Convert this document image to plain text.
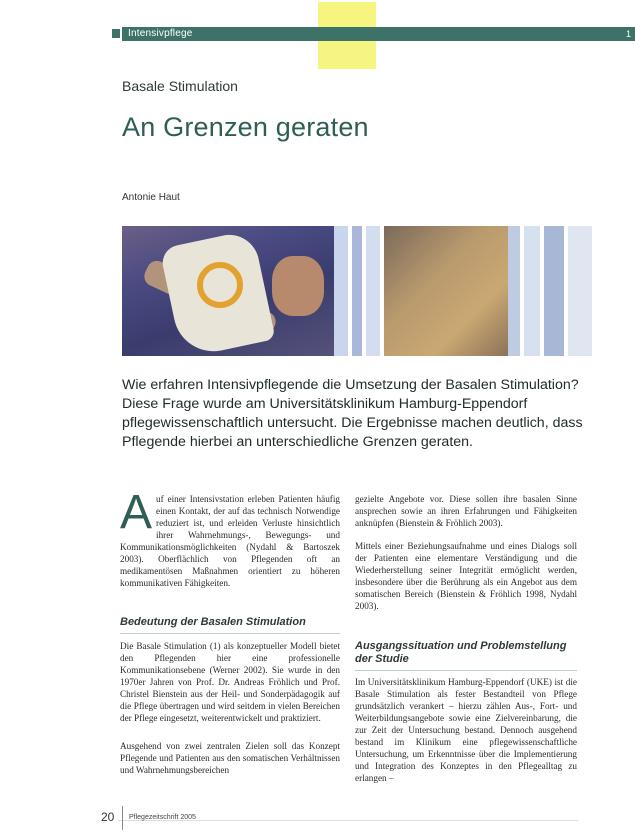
Intensivpflege	1
Basale Stimulation
An Grenzen geraten
Antonie Haut
Wie erfahren Intensivpflegende die Umsetzung der Basalen Stimulation? Diese Frage wurde am Universitätsklinikum Hamburg-Eppendorf pflegewissenschaftlich untersucht. Die Ergebnisse machen deutlich, dass Pflegende hierbei an unterschiedliche Grenzen geraten.
Auf einer Intensivstation erleben Patienten häufig einen Kontakt, der auf das technisch Notwendige reduziert ist, und erleiden Verluste hinsichtlich ihrer Wahrnehmungs-, Bewegungs- und Kommunikationsmöglichkeiten (Nydahl & Bartoszek 2003). Oberflächlich von Pflegenden oft an medikamentösen Maßnahmen orientiert zu höheren kommunikativen Fähigkeiten.
Bedeutung der Basalen Stimulation
Die Basale Stimulation (1) als konzeptueller Modell bietet den Pflegenden hier eine professionelle Kommunikationsebene (Werner 2002). Sie wurde in den 1970er Jahren von Prof. Dr. Andreas Fröhlich und Prof. Christel Bienstein aus der Heil- und Sonderpädagogik auf die Pflege übertragen und wird seitdem in vielen Bereichen der Pflege eingesetzt, weiterentwickelt und praktiziert.
Ausgehend von zwei zentralen Zielen soll das Konzept Pflegende und Patienten aus den somatischen Verhältnissen und Wahrnehmungsbereichen
gezielte Angebote vor. Diese sollen ihre basalen Sinne ansprechen sowie an ihren Erfahrungen und Fähigkeiten anknüpfen (Bienstein & Fröhlich 2003).
Mittels einer Beziehungsaufnahme und eines Dialogs soll der Patienten eine elementare Verständigung und die Wiederherstellung seiner Integrität ermöglicht werden, insbesondere über die Berührung als ein Angebot aus dem somatischen Bereich (Bienstein & Fröhlich 1998, Nydahl 2003).
Ausgangssituation und Problemstellung der Studie
Im Universitätsklinikum Hamburg-Eppendorf (UKE) ist die Basale Stimulation als fester Bestandteil von Pflege grundsätzlich verankert – hierzu zählen Aus-, Fort- und Weiterbildungsangebote sowie eine Zielvereinbarung, die zur Zeit der Untersuchung bestand. Dennoch ausgehend bestand im Klinikum eine pflegewissenschaftliche Untersuchung, um Erkenntnisse über die Implementierung und Integration des Konzeptes in den Pflegealltag zu erlangen –
20 Pflegezeitschrift 2005
